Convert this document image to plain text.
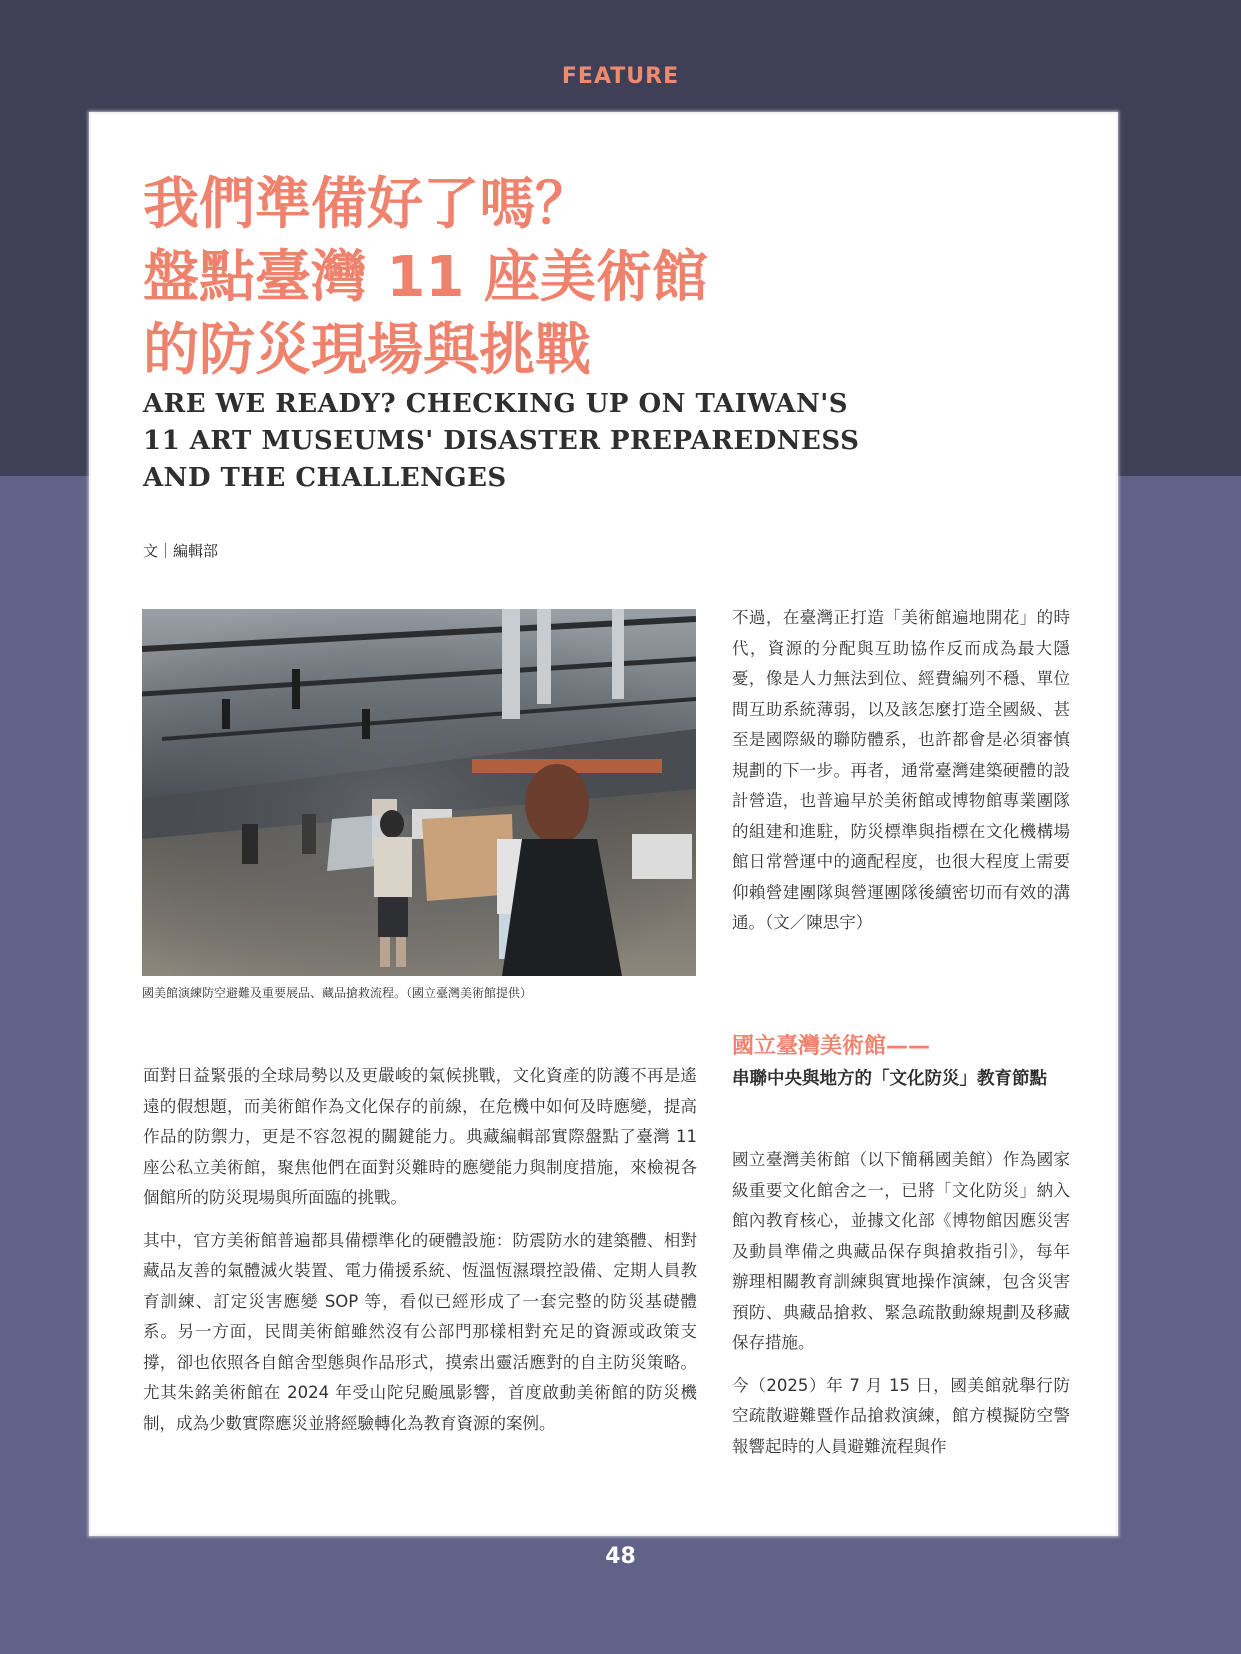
FEATURE
我們準備好了嗎？
盤點臺灣 11 座美術館
的防災現場與挑戰
ARE WE READY? CHECKING UP ON TAIWAN'S
11 ART MUSEUMS' DISASTER PREPAREDNESS
AND THE CHALLENGES
文｜編輯部
國美館演練防空避難及重要展品、藏品搶救流程。（國立臺灣美術館提供）

面對日益緊張的全球局勢以及更嚴峻的氣候挑戰，文化資產的防護不再是遙遠的假想題，而美術館作為文化保存的前線，在危機中如何及時應變，提高作品的防禦力，更是不容忽視的關鍵能力。典藏編輯部實際盤點了臺灣 11 座公私立美術館，聚焦他們在面對災難時的應變能力與制度措施，來檢視各個館所的防災現場與所面臨的挑戰。

其中，官方美術館普遍都具備標準化的硬體設施：防震防水的建築體、相對藏品友善的氣體滅火裝置、電力備援系統、恆溫恆濕環控設備、定期人員教育訓練、訂定災害應變 SOP 等，看似已經形成了一套完整的防災基礎體系。另一方面，民間美術館雖然沒有公部門那樣相對充足的資源或政策支撐，卻也依照各自館舍型態與作品形式，摸索出靈活應對的自主防災策略。尤其朱銘美術館在 2024 年受山陀兒颱風影響，首度啟動美術館的防災機制，成為少數實際應災並將經驗轉化為教育資源的案例。

不過，在臺灣正打造「美術館遍地開花」的時代，資源的分配與互助協作反而成為最大隱憂，像是人力無法到位、經費編列不穩、單位間互助系統薄弱，以及該怎麼打造全國級、甚至是國際級的聯防體系，也許都會是必須審慎規劃的下一步。再者，通常臺灣建築硬體的設計營造，也普遍早於美術館或博物館專業團隊的組建和進駐，防災標準與指標在文化機構場館日常營運中的適配程度，也很大程度上需要仰賴營建團隊與營運團隊後續密切而有效的溝通。（文／陳思宇）

國立臺灣美術館——
串聯中央與地方的「文化防災」教育節點

國立臺灣美術館（以下簡稱國美館）作為國家級重要文化館舍之一，已將「文化防災」納入館內教育核心，並據文化部《博物館因應災害及動員準備之典藏品保存與搶救指引》，每年辦理相關教育訓練與實地操作演練，包含災害預防、典藏品搶救、緊急疏散動線規劃及移藏保存措施。

今（2025）年 7 月 15 日，國美館就舉行防空疏散避難暨作品搶救演練，館方模擬防空警報響起時的人員避難流程與作

48
